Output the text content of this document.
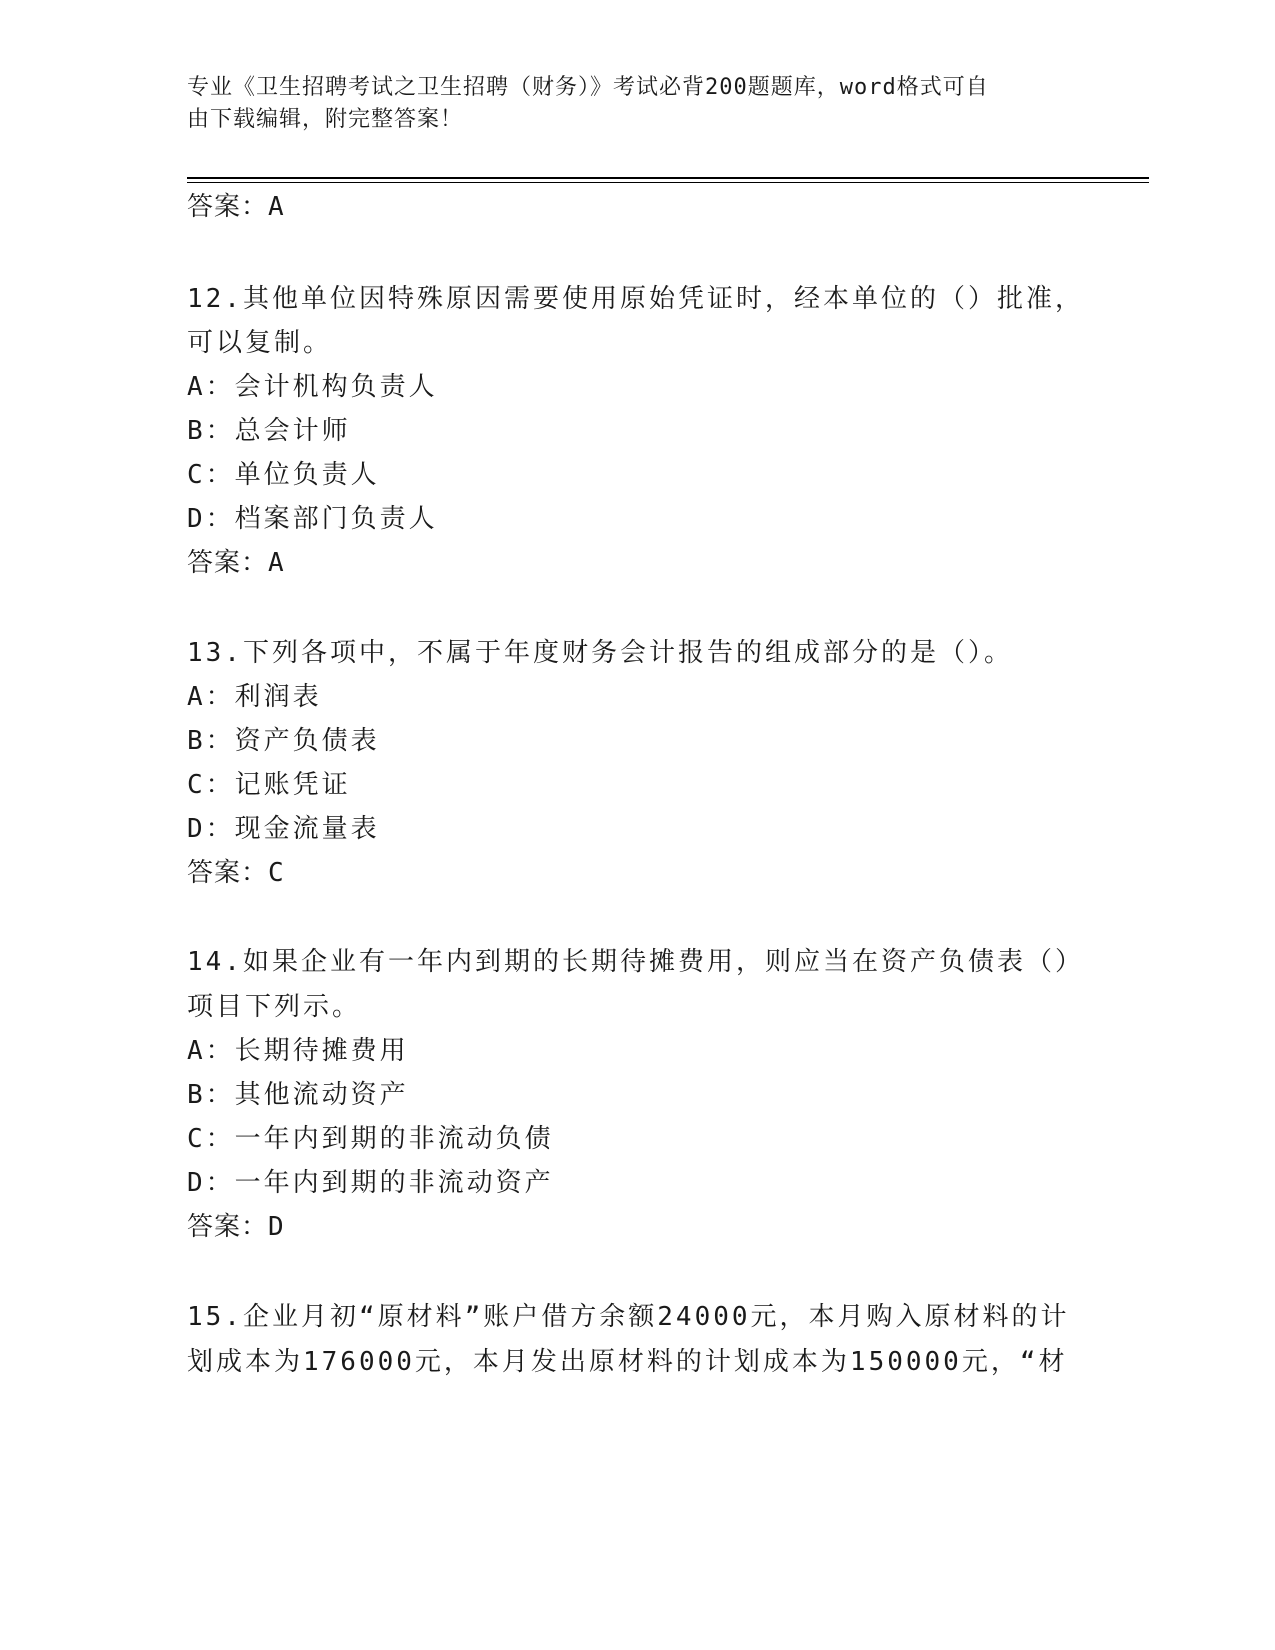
专业《卫生招聘考试之卫生招聘（财务）》考试必背200题题库，word格式可自
由下载编辑，附完整答案！
答案：A
12.其他单位因特殊原因需要使用原始凭证时，经本单位的（）批准，
可以复制。
A：会计机构负责人
B：总会计师
C：单位负责人
D：档案部门负责人
答案：A
13.下列各项中，不属于年度财务会计报告的组成部分的是（）。
A：利润表
B：资产负债表
C：记账凭证
D：现金流量表
答案：C
14.如果企业有一年内到期的长期待摊费用，则应当在资产负债表（）
项目下列示。
A：长期待摊费用
B：其他流动资产
C：一年内到期的非流动负债
D：一年内到期的非流动资产
答案：D
15.企业月初“原材料”账户借方余额24000元，本月购入原材料的计
划成本为176000元，本月发出原材料的计划成本为150000元，“材
